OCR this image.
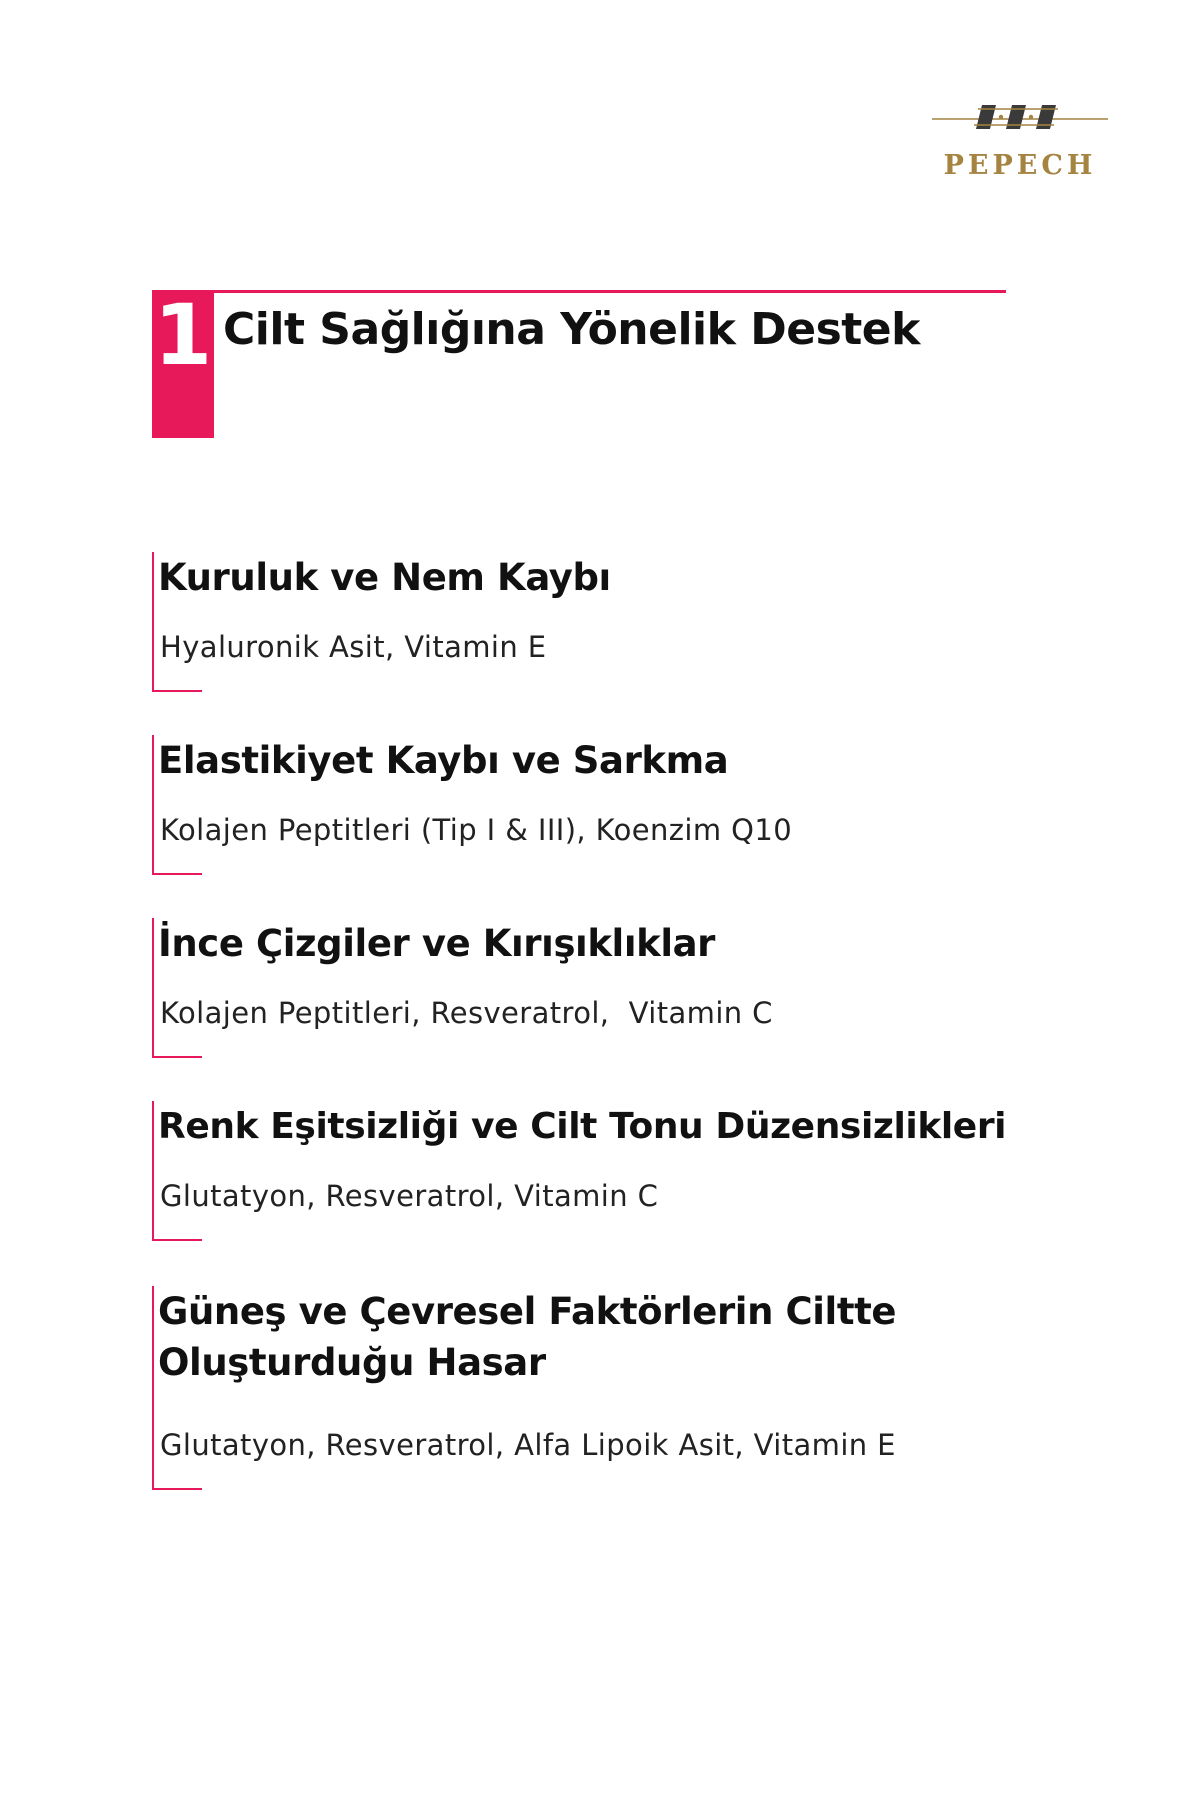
PEPECH
1 Cilt Sağlığına Yönelik Destek
Kuruluk ve Nem Kaybı

Hyaluronik Asit, Vitamin E

Elastikiyet Kaybı ve Sarkma

Kolajen Peptitleri (Tip I & III), Koenzim Q10

İnce Çizgiler ve Kırışıklıklar

Kolajen Peptitleri, Resveratrol,  Vitamin C

Renk Eşitsizliği ve Cilt Tonu Düzensizlikleri

Glutatyon, Resveratrol, Vitamin C

Güneş ve Çevresel Faktörlerin Ciltte Oluşturduğu Hasar

Glutatyon, Resveratrol, Alfa Lipoik Asit, Vitamin E
